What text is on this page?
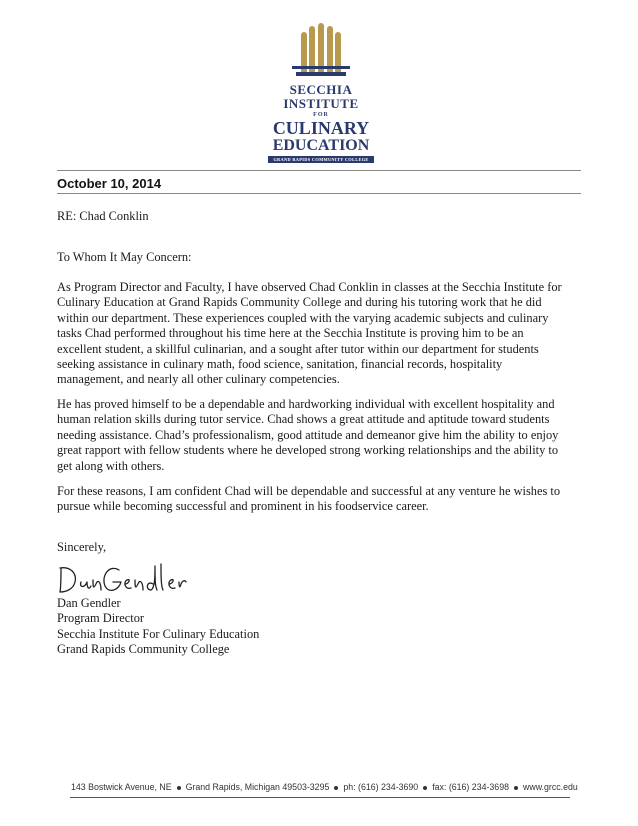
SECCHIA
INSTITUTE
FOR
CULINARY
EDUCATION
GRAND RAPIDS COMMUNITY COLLEGE
October 10, 2014
RE: Chad Conklin
To Whom It May Concern:
As Program Director and Faculty, I have observed Chad Conklin in classes at the Secchia Institute for
Culinary Education at Grand Rapids Community College and during his tutoring work that he did
within our department. These experiences coupled with the varying academic subjects and culinary
tasks Chad performed throughout his time here at the Secchia Institute is proving him to be an
excellent student, a skillful culinarian, and a sought after tutor within our department for students
seeking assistance in culinary math, food science, sanitation, financial records, hospitality
management, and nearly all other culinary competencies.
He has proved himself to be a dependable and hardworking individual with excellent hospitality and
human relation skills during tutor service. Chad shows a great attitude and aptitude toward students
needing assistance. Chad’s professionalism, good attitude and demeanor give him the ability to enjoy
great rapport with fellow students where he developed strong working relationships and the ability to
get along with others.
For these reasons, I am confident Chad will be dependable and successful at any venture he wishes to
pursue while becoming successful and prominent in his foodservice career.
Sincerely,
Dan Gendler
Program Director
Secchia Institute For Culinary Education
Grand Rapids Community College
143 Bostwick Avenue, NE Grand Rapids, Michigan 49503-3295 ph: (616) 234-3690 fax: (616) 234-3698 www.grcc.edu
